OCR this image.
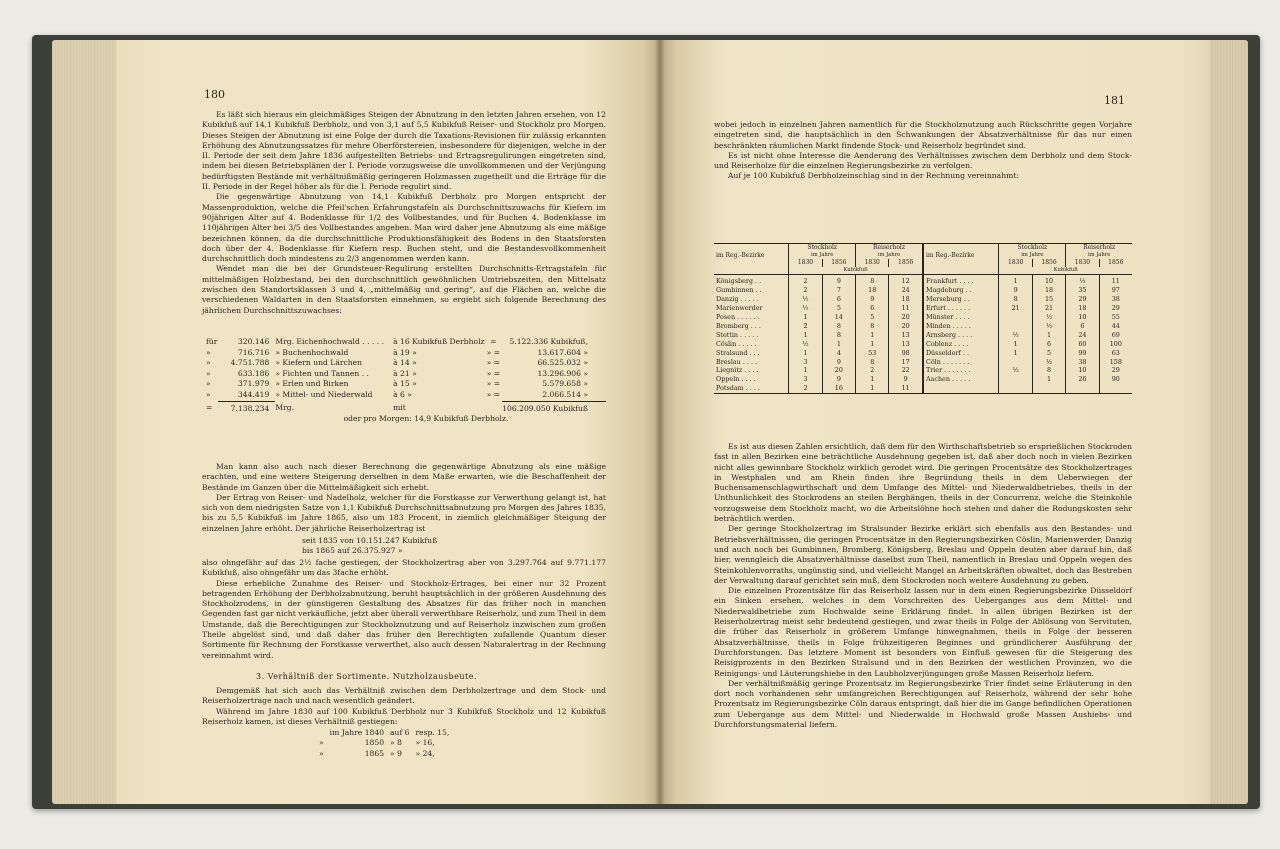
180

Es läßt sich hieraus ein gleichmäßiges Steigen der Abnutzung in den letzten Jahren ersehen, von 12 Kubikfuß auf 14,1 Kubikfuß Derbholz, und von 3,1 auf 5,5 Kubikfuß Reiser- und Stockholz pro Morgen. Dieses Steigen der Abnutzung ist eine Folge der durch die Taxations-Revisionen für zulässig erkannten Erhöhung des Abnutzungssatzes für mehre Oberförstereien, insbesondere für diejenigen, welche in der II. Periode der seit dem Jahre 1836 aufgestellten Betriebs- und Ertragsregulirungen eingetreten sind, indem bei diesen Betriebsplänen der I. Periode vorzugsweise die unvollkommenen und der Verjüngung bedürftigsten Bestände mit verhältnißmäßig geringeren Holzmassen zugetheilt und die Erträge für die II. Periode in der Regel höher als für die I. Periode regulirt sind.

Die gegenwärtige Abnutzung von 14,1 Kubikfuß Derbholz pro Morgen entspricht der Massenproduktion, welche die Pfeil'schen Erfahrungstafeln als Durchschnittszuwachs für Kiefern im 90jährigen Alter auf 4. Bodenklasse für 1/2 des Vollbestandes, und für Buchen 4. Bodenklasse im 110jährigen Alter bei 3/5 des Vollbestandes angeben. Man wird daher jene Abnutzung als eine mäßige bezeichnen können, da die durchschnittliche Produktionsfähigkeit des Bodens in den Staatsforsten doch über der 4. Bodenklasse für Kiefern resp. Buchen steht, und die Bestandesvollkommenheit durchschnittlich doch mindestens zu 2/3 angenommen werden kann.

Wendet man die bei der Grundsteuer-Regulirung erstellten Durchschnitts-Ertragstafeln für mittelmäßigen Holzbestand, bei den durchschnittlich gewöhnlichen Umtriebszeiten, den Mittelsatz zwischen den Standortsklassen 3 und 4, „mittelmäßig und gering“, auf die Flächen an, welche die verschiedenen Waldarten in den Staatsforsten einnehmen, so ergiebt sich folgende Berechnung des jährlichen Durchschnittszuwachses:

für	320.146	Mrg. Eichenhochwald . . . . .	à 16 Kubikfuß Derbholz	=	5.122.336 Kubikfuß,
»	716.716	» Buchenhochwald	à 19 »	» =	13.617.604 »
»	4.751.788	» Kiefern und Lärchen	à 14 »	» =	66.525.032 »
»	633.186	» Fichten und Tannen . .	à 21 »	» =	13.296.906 »
»	371.979	» Erlen und Birken	à 15 »	» =	5.579.658 »
»	344.419	» Mittel- und Niederwald	à 6 »	» =	2.066.514 »
=	7.138.234	Mrg.	mit		106.209.050 Kubikfuß
oder pro Morgen: 14,9 Kubikfuß Derbholz.					

Man kann also auch nach dieser Berechnung die gegenwärtige Abnutzung als eine mäßige erachten, und eine weitere Steigerung derselben in dem Maße erwarten, wie die Beschaffenheit der Bestände im Ganzen über die Mittelmäßigkeit sich erhebt.

Der Ertrag von Reiser- und Nadelholz, welcher für die Forstkasse zur Verwerthung gelangt ist, hat sich von dem niedrigsten Satze von 1,1 Kubikfuß Durchschnittsabnutzung pro Morgen des Jahres 1835, bis zu 5,5 Kubikfuß im Jahre 1865, also um 183 Procent, in ziemlich gleichmäßiger Steigung der einzelnen Jahre erhöht. Der jährliche Reiserholzertrag ist

seit 1835 von 10.151.247 Kubikfuß
bis 1865 auf 26.375.927 »

also ohngefähr auf das 2½ fache gestiegen, der Stockholzertrag aber von 3.297.764 auf 9.771.177 Kubikfuß, also ohngefähr um das 3fache erhöht.

Diese erhebliche Zunahme des Reiser- und Stockholz-Ertrages, bei einer nur 32 Prozent betragenden Erhöhung der Derbholzabnutzung, beruht hauptsächlich in der größeren Ausdehnung des Stockholzrodens, in der günstigeren Gestaltung des Absatzes für das früher noch in manchen Gegenden fast gar nicht verkäufliche, jetzt aber überall verwerthbare Reiserholz, und zum Theil in dem Umstande, daß die Berechtigungen zur Stockholznutzung und auf Reiserholz inzwischen zum großen Theile abgelöst sind, und daß daher das früher den Berechtigten zufallende Quantum dieser Sortimente für Rechnung der Forstkasse verwerthet, also auch dessen Naturalertrag in der Rechnung vereinnahmt wird.

3. Verhältniß der Sortimente. Nutzholzausbeute.

Demgemäß hat sich auch das Verhältniß zwischen dem Derbholzertrage und dem Stock- und Reiserholzertrage nach und nach wesentlich geändert.

Während im Jahre 1830 auf 100 Kubikfuß Derbholz nur 3 Kubikfuß Stockholz und 12 Kubikfuß Reiserholz kamen, ist dieses Verhältniß gestiegen:

	im Jahre 1840	auf 6	resp. 15,
»	1850	» 8	» 16,
»	1865	» 9	» 24,
181

wobei jedoch in einzelnen Jahren namentlich für die Stockholznutzung auch Rückschritte gegen Vorjahre eingetreten sind, die hauptsächlich in den Schwankungen der Absatzverhältnisse für das nur einen beschränkten räumlichen Markt findende Stock- und Reiserholz begründet sind.

Es ist nicht ohne Interesse die Aenderung des Verhältnisses zwischen dem Derbholz und dem Stock- und Reiserholze für die einzelnen Regierungsbezirke zu verfolgen.

Auf je 100 Kubikfuß Derbholzeinschlag sind in der Rechnung vereinnahmt:

im Reg.-Bezirke	Stockholz		Reiserholz		im Reg.-Bezirke	Stockholz		Reiserholz	
	im Jahre		im Jahre			im Jahre		im Jahre	
	1830	1856	1830	1856		1830	1856	1830	1856
	Kubikfuß					Kubikfuß			
Königsberg . .	2	9	8	12	Frankfurt . . . .	1	10	½	11
Gumbinnen . .	2	7	18	24	Magdeburg . .	9	18	35	97
Danzig . . . . .	½	6	9	18	Merseburg . .	8	15	29	38
Marienwerder	½	5	6	11	Erfurt . . . . . .	21	21	18	29
Posen . . . . . .	1	14	5	20	Münster . . . .		½	10	55
Bromberg . . .	2	8	8	20	Minden . . . . .		½	6	44
Stettin . . . . .	1	8	1	13	Arnsberg . . . .	½	1	24	69
Cöslin . . . . .	½	1	1	13	Coblenz . . . .	1	6	60	100
Stralsund . . .	1	4	53	98	Düsseldorf . .	1	5	99	63
Breslau . . . .	3	9	8	17	Cöln . . . . . . .		½	38	158
Liegnitz . . . .	1	20	2	22	Trier . . . . . . .	½	8	10	29
Oppeln . . . .	3	9	1	9	Aachen . . . . .		1	26	90
Potsdam . . . .	2	16	1	11					

Es ist aus diesen Zahlen ersichtlich, daß dem für den Wirthschaftsbetrieb so ersprießlichen Stockroden fast in allen Bezirken eine beträchtliche Ausdehnung gegeben ist, daß aber doch noch in vielen Bezirken nicht alles gewinnbare Stockholz wirklich gerodet wird. Die geringen Procentsätze des Stockholzertrages in Westphalen und am Rhein finden ihre Begründung theils in dem Ueberwiegen der Buchensamenschlagwirthschaft und dem Umfange des Mittel- und Niederwaldbetriebes, theils in der Unthunlichkeit des Stockrodens an steilen Berghängen, theils in der Concurrenz, welche die Steinkohle vorzugsweise dem Stockholz macht, wo die Arbeitslöhne hoch stehen und daher die Rodungskosten sehr beträchtlich werden.

Der geringe Stockholzertrag im Stralsunder Bezirke erklärt sich ebenfalls aus den Bestandes- und Betriebsverhältnissen, die geringen Procentsätze in den Regierungsbezirken Cöslin, Marienwerder, Danzig und auch noch bei Gumbinnen, Bromberg, Königsberg, Breslau und Oppeln deuten aber darauf hin, daß hier, wenngleich die Absatzverhältnisse daselbst zum Theil, namentlich in Breslau und Oppeln wegen des Steinkohlenvorraths, ungünstig sind, und vielleicht Mangel an Arbeitskräften obwaltet, doch das Bestreben der Verwaltung darauf gerichtet sein muß, dem Stockroden noch weitere Ausdehnung zu geben.

Die einzelnen Prozentsätze für das Reiserholz lassen nur in dem einen Regierungsbezirke Düsseldorf ein Sinken ersehen, welches in dem Vorschreiten des Ueberganges aus dem Mittel- und Niederwaldbetriebe zum Hochwalde seine Erklärung findet. In allen übrigen Bezirken ist der Reiserholzertrag meist sehr bedeutend gestiegen, und zwar theils in Folge der Ablösung von Servituten, die früher das Reiserholz in größerem Umfange hinwegnahmen, theils in Folge der besseren Absatzverhältnisse, theils in Folge frühzeitigeren Beginnes und gründlicherer Ausführung der Durchforstungen. Das letztere Moment ist besonders von Einfluß gewesen für die Steigerung des Reisigprozents in den Bezirken Stralsund und in den Bezirken der westlichen Provinzen, wo die Reinigungs- und Läuterungshiebe in den Laubholzverjüngungen große Massen Reiserholz liefern.

Der verhältnißmäßig geringe Prozentsatz im Regierungsbezirke Trier findet seine Erläuterung in den dort noch vorhandenen sehr umfangreichen Berechtigungen auf Reiserholz, während der sehr hohe Prozentsatz im Regierungsbezirke Cöln daraus entspringt, daß hier die im Gange befindlichen Operationen zum Uebergange aus dem Mittel- und Niederwalde in Hochwald große Massen Aushiebs- und Durchforstungsmaterial liefern.
